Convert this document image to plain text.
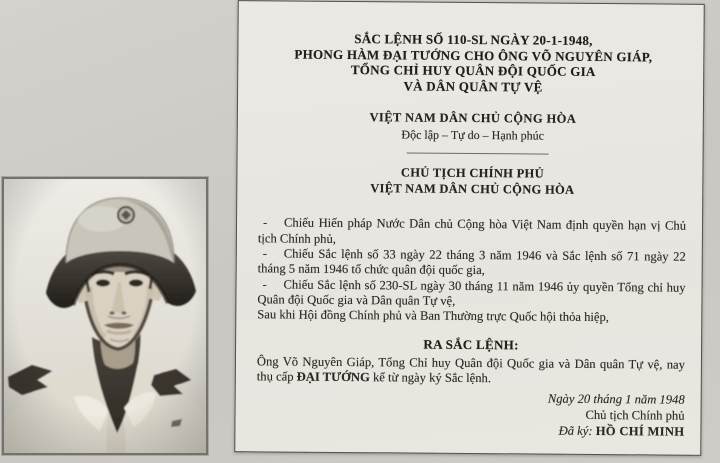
SẮC LỆNH SỐ 110-SL NGÀY 20-1-1948,
PHONG HÀM ĐẠI TƯỚNG CHO ÔNG VÕ NGUYÊN GIÁP,
TỔNG CHỈ HUY QUÂN ĐỘI QUỐC GIA
VÀ DÂN QUÂN TỰ VỆ
VIỆT NAM DÂN CHỦ CỘNG HÒA
Độc lập – Tự do – Hạnh phúc
CHỦ TỊCH CHÍNH PHỦ
VIỆT NAM DÂN CHỦ CỘNG HÒA

- Chiếu Hiến pháp Nước Dân chủ Cộng hòa Việt Nam định quyền hạn vị Chủ tịch Chính phủ,

- Chiếu Sắc lệnh số 33 ngày 22 tháng 3 năm 1946 và Sắc lệnh số 71 ngày 22 tháng 5 năm 1946 tổ chức quân đội quốc gia,

- Chiếu Sắc lệnh số 230-SL ngày 30 tháng 11 năm 1946 ủy quyền Tổng chỉ huy Quân đội Quốc gia và Dân quân Tự vệ,

Sau khi Hội đồng Chính phủ và Ban Thường trực Quốc hội thỏa hiệp,

RA SẮC LỆNH:

Ông Võ Nguyên Giáp, Tổng Chỉ huy Quân đội Quốc gia và Dân quân Tự vệ, nay thụ cấp ĐẠI TƯỚNG kể từ ngày ký Sắc lệnh.

Ngày 20 tháng 1 năm 1948
Chủ tịch Chính phủ
Đã ký: HỒ CHÍ MINH
